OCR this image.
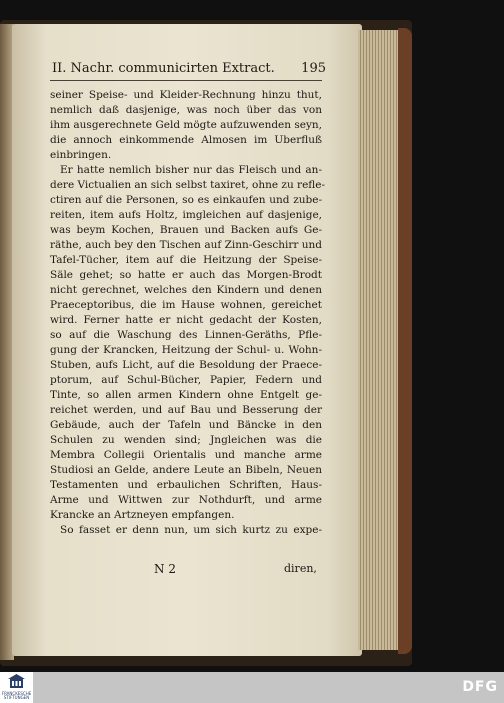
II. Nachr. communicirten Extract. 195
seiner Speise- und Kleider-Rechnung hinzu thut,
nemlich daß dasjenige, was noch über das von
ihm ausgerechnete Geld mögte aufzuwenden seyn,
die annoch einkommende Almosen im Uberfluß
einbringen.
Er hatte nemlich bisher nur das Fleisch und an-
dere Victualien an sich selbst taxiret, ohne zu refle-
ctiren auf die Personen, so es einkaufen und zube-
reiten, item aufs Holtz, imgleichen auf dasjenige,
was beym Kochen, Brauen und Backen aufs Ge-
räthe, auch bey den Tischen auf Zinn-Geschirr und
Tafel-Tücher, item auf die Heitzung der Speise-
Säle gehet; so hatte er auch das Morgen-Brodt
nicht gerechnet, welches den Kindern und denen
Praeceptoribus, die im Hause wohnen, gereichet
wird. Ferner hatte er nicht gedacht der Kosten,
so auf die Waschung des Linnen-Geräths, Pfle-
gung der Krancken, Heitzung der Schul- u. Wohn-
Stuben, aufs Licht, auf die Besoldung der Praece-
ptorum, auf Schul-Bücher, Papier, Federn und
Tinte, so allen armen Kindern ohne Entgelt ge-
reichet werden, und auf Bau und Besserung der
Gebäude, auch der Tafeln und Bäncke in den
Schulen zu wenden sind; Jngleichen was die
Membra Collegii Orientalis und manche arme
Studiosi an Gelde, andere Leute an Bibeln, Neuen
Testamenten und erbaulichen Schriften, Haus-
Arme und Wittwen zur Nothdurft, und arme
Krancke an Artzneyen empfangen.
So fasset er denn nun, um sich kurtz zu expe-
N 2	diren,
FRANCKESCHE STIFTUNGEN
DFG
